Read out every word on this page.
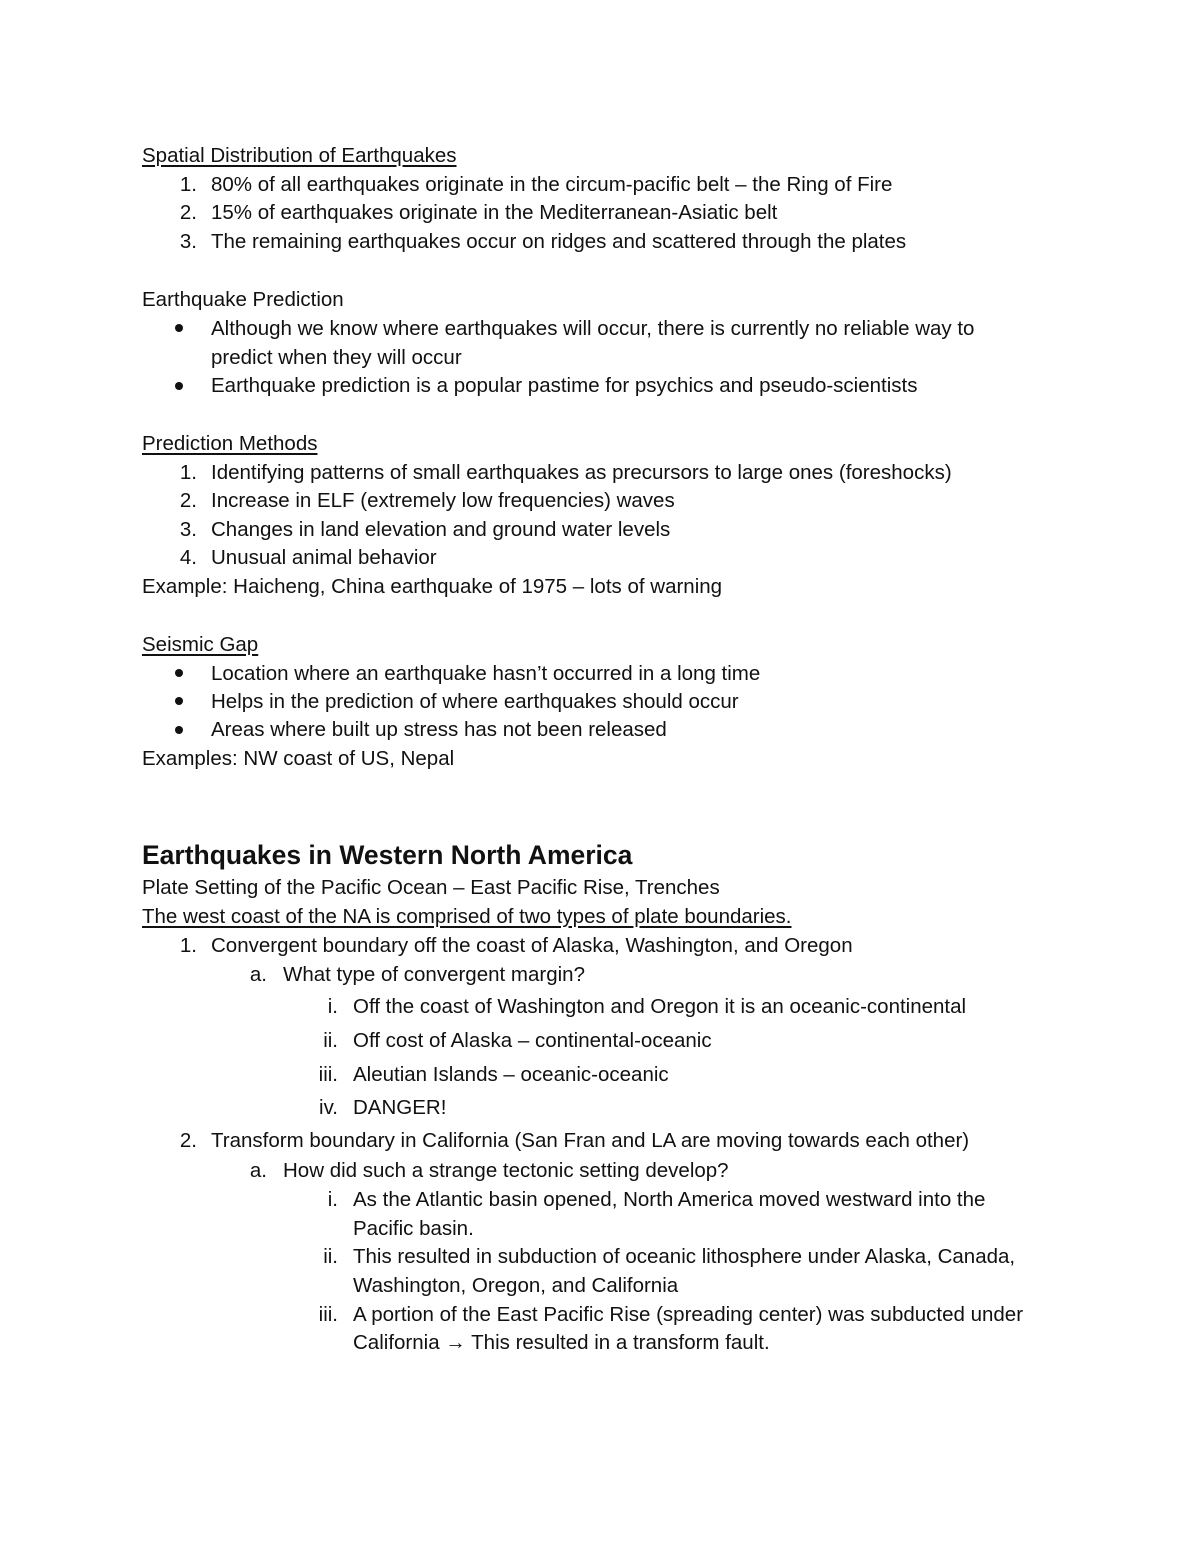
Spatial Distribution of Earthquakes
1. 80% of all earthquakes originate in the circum-pacific belt – the Ring of Fire
2. 15% of earthquakes originate in the Mediterranean-Asiatic belt
3. The remaining earthquakes occur on ridges and scattered through the plates
Earthquake Prediction
Although we know where earthquakes will occur, there is currently no reliable way to
predict when they will occur
Earthquake prediction is a popular pastime for psychics and pseudo-scientists
Prediction Methods
1. Identifying patterns of small earthquakes as precursors to large ones (foreshocks)
2. Increase in ELF (extremely low frequencies) waves
3. Changes in land elevation and ground water levels
4. Unusual animal behavior
Example: Haicheng, China earthquake of 1975 – lots of warning
Seismic Gap
Location where an earthquake hasn’t occurred in a long time
Helps in the prediction of where earthquakes should occur
Areas where built up stress has not been released
Examples: NW coast of US, Nepal
Earthquakes in Western North America
Plate Setting of the Pacific Ocean – East Pacific Rise, Trenches
The west coast of the NA is comprised of two types of plate boundaries.
1. Convergent boundary off the coast of Alaska, Washington, and Oregon
a. What type of convergent margin?
i. Off the coast of Washington and Oregon it is an oceanic-continental
ii. Off cost of Alaska – continental-oceanic
iii. Aleutian Islands – oceanic-oceanic
iv. DANGER!
2. Transform boundary in California (San Fran and LA are moving towards each other)
a. How did such a strange tectonic setting develop?
i. As the Atlantic basin opened, North America moved westward into the
Pacific basin.
ii. This resulted in subduction of oceanic lithosphere under Alaska, Canada,
Washington, Oregon, and California
iii. A portion of the East Pacific Rise (spreading center) was subducted under
California → This resulted in a transform fault.
